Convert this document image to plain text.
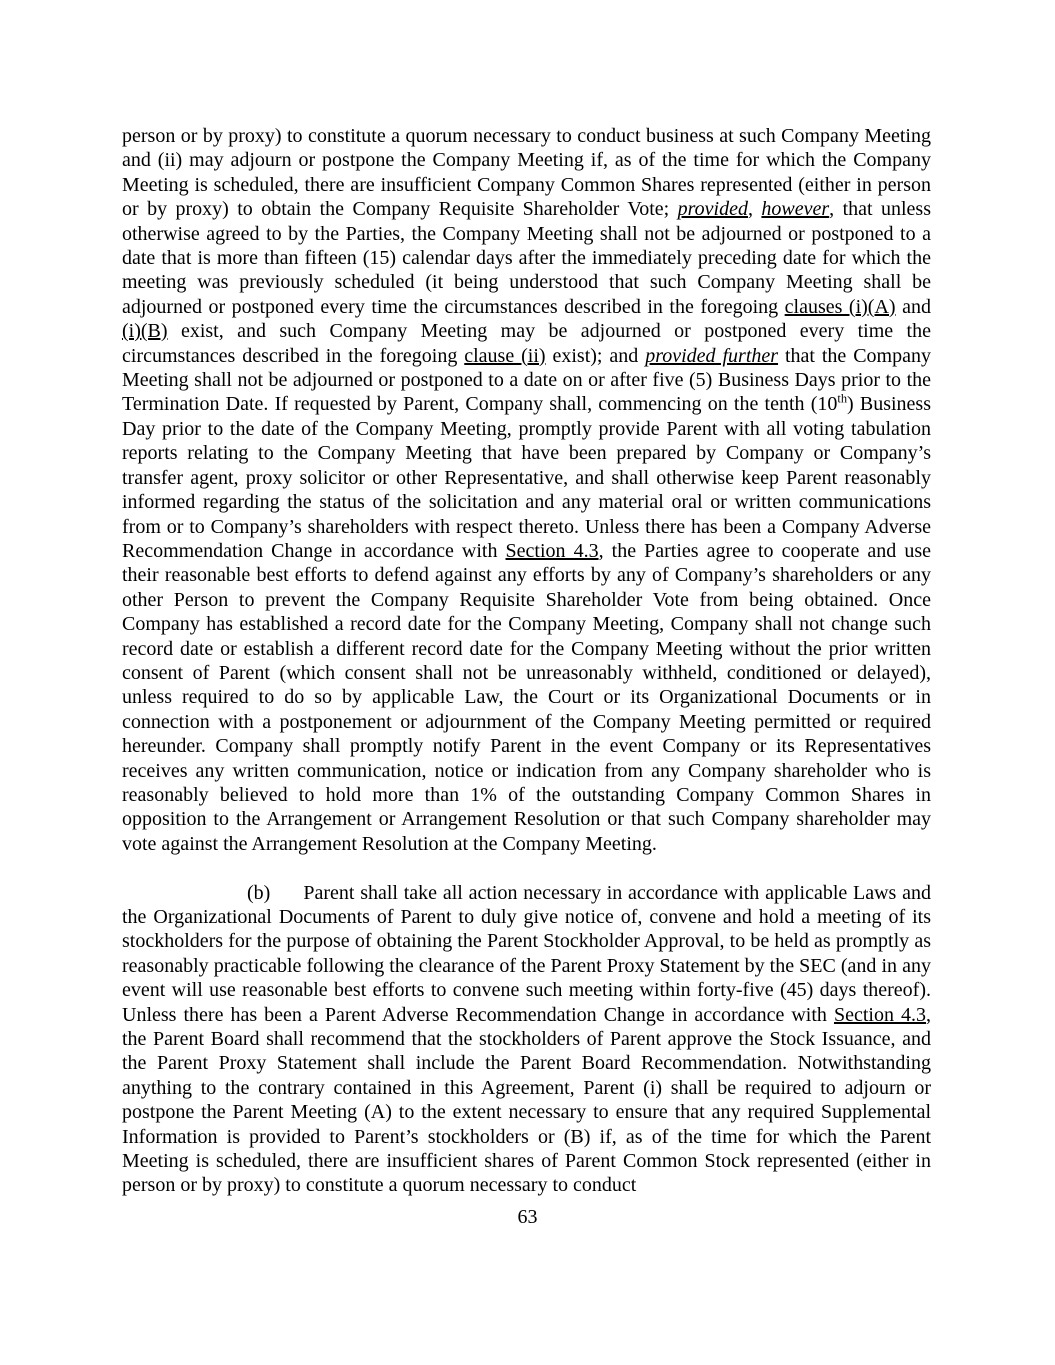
person or by proxy) to constitute a quorum necessary to conduct business at such Company Meeting and (ii) may adjourn or postpone the Company Meeting if, as of the time for which the Company Meeting is scheduled, there are insufficient Company Common Shares represented (either in person or by proxy) to obtain the Company Requisite Shareholder Vote; provided, however, that unless otherwise agreed to by the Parties, the Company Meeting shall not be adjourned or postponed to a date that is more than fifteen (15) calendar days after the immediately preceding date for which the meeting was previously scheduled (it being understood that such Company Meeting shall be adjourned or postponed every time the circumstances described in the foregoing clauses (i)(A) and (i)(B) exist, and such Company Meeting may be adjourned or postponed every time the circumstances described in the foregoing clause (ii) exist); and provided further that the Company Meeting shall not be adjourned or postponed to a date on or after five (5) Business Days prior to the Termination Date. If requested by Parent, Company shall, commencing on the tenth (10th) Business Day prior to the date of the Company Meeting, promptly provide Parent with all voting tabulation reports relating to the Company Meeting that have been prepared by Company or Company’s transfer agent, proxy solicitor or other Representative, and shall otherwise keep Parent reasonably informed regarding the status of the solicitation and any material oral or written communications from or to Company’s shareholders with respect thereto. Unless there has been a Company Adverse Recommendation Change in accordance with Section 4.3, the Parties agree to cooperate and use their reasonable best efforts to defend against any efforts by any of Company’s shareholders or any other Person to prevent the Company Requisite Shareholder Vote from being obtained. Once Company has established a record date for the Company Meeting, Company shall not change such record date or establish a different record date for the Company Meeting without the prior written consent of Parent (which consent shall not be unreasonably withheld, conditioned or delayed), unless required to do so by applicable Law, the Court or its Organizational Documents or in connection with a postponement or adjournment of the Company Meeting permitted or required hereunder. Company shall promptly notify Parent in the event Company or its Representatives receives any written communication, notice or indication from any Company shareholder who is reasonably believed to hold more than 1% of the outstanding Company Common Shares in opposition to the Arrangement or Arrangement Resolution or that such Company shareholder may vote against the Arrangement Resolution at the Company Meeting.

(b) Parent shall take all action necessary in accordance with applicable Laws and the Organizational Documents of Parent to duly give notice of, convene and hold a meeting of its stockholders for the purpose of obtaining the Parent Stockholder Approval, to be held as promptly as reasonably practicable following the clearance of the Parent Proxy Statement by the SEC (and in any event will use reasonable best efforts to convene such meeting within forty-five (45) days thereof). Unless there has been a Parent Adverse Recommendation Change in accordance with Section 4.3, the Parent Board shall recommend that the stockholders of Parent approve the Stock Issuance, and the Parent Proxy Statement shall include the Parent Board Recommendation. Notwithstanding anything to the contrary contained in this Agreement, Parent (i) shall be required to adjourn or postpone the Parent Meeting (A) to the extent necessary to ensure that any required Supplemental Information is provided to Parent’s stockholders or (B) if, as of the time for which the Parent Meeting is scheduled, there are insufficient shares of Parent Common Stock represented (either in person or by proxy) to constitute a quorum necessary to conduct

63
